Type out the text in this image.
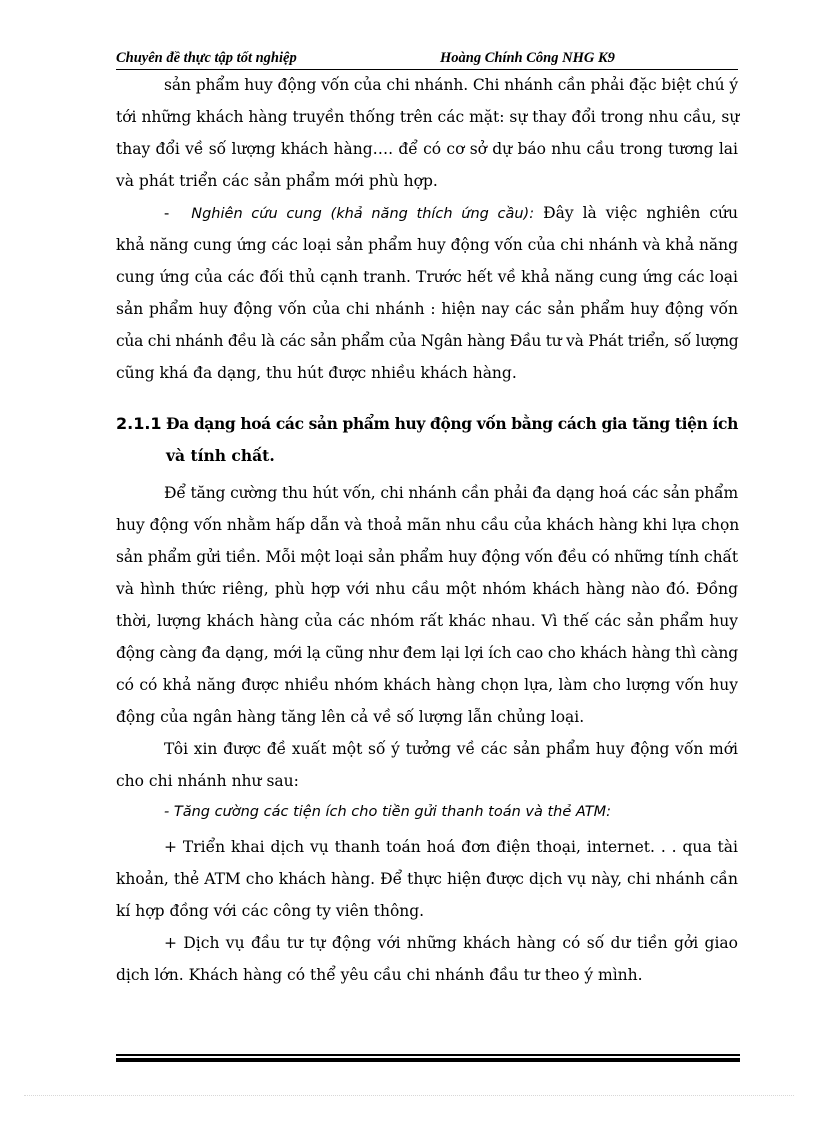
Chuyên đề thực tập tốt nghiệp	Hoàng Chính Công NHG K9
sản phẩm huy động vốn của chi nhánh. Chi nhánh cần phải đặc biệt chú ý
tới những khách hàng truyền thống trên các mặt: sự thay đổi trong nhu cầu, sự
thay đổi về số lượng khách hàng…. để có cơ sở dự báo nhu cầu trong tương lai
và phát triển các sản phẩm mới phù hợp.
- Nghiên cứu cung (khả năng thích ứng cầu): Đây là việc nghiên cứu
khả năng cung ứng các loại sản phẩm huy động vốn của chi nhánh và khả năng
cung ứng của các đối thủ cạnh tranh. Trước hết về khả năng cung ứng các loại
sản phẩm huy động vốn của chi nhánh : hiện nay các sản phẩm huy động vốn
của chi nhánh đều là các sản phẩm của Ngân hàng Đầu tư và Phát triển, số lượng
cũng khá đa dạng, thu hút được nhiều khách hàng.
2.1.1 Đa dạng hoá các sản phẩm huy động vốn bằng cách gia tăng tiện ích
và tính chất.
Để tăng cường thu hút vốn, chi nhánh cần phải đa dạng hoá các sản phẩm
huy động vốn nhằm hấp dẫn và thoả mãn nhu cầu của khách hàng khi lựa chọn
sản phẩm gửi tiền. Mỗi một loại sản phẩm huy động vốn đều có những tính chất
và hình thức riêng, phù hợp với nhu cầu một nhóm khách hàng nào đó. Đồng
thời, lượng khách hàng của các nhóm rất khác nhau. Vì thế các sản phẩm huy
động càng đa dạng, mới lạ cũng như đem lại lợi ích cao cho khách hàng thì càng
có có khả năng được nhiều nhóm khách hàng chọn lựa, làm cho lượng vốn huy
động của ngân hàng tăng lên cả về số lượng lẫn chủng loại.
Tôi xin được đề xuất một số ý tưởng về các sản phẩm huy động vốn mới
cho chi nhánh như sau:
- Tăng cường các tiện ích cho tiền gửi thanh toán và thẻ ATM:
+ Triển khai dịch vụ thanh toán hoá đơn điện thoại, internet. . . qua tài
khoản, thẻ ATM cho khách hàng. Để thực hiện được dịch vụ này, chi nhánh cần
kí hợp đồng với các công ty viên thông.
+ Dịch vụ đầu tư tự động với những khách hàng có số dư tiền gởi giao
dịch lớn. Khách hàng có thể yêu cầu chi nhánh đầu tư theo ý mình.
